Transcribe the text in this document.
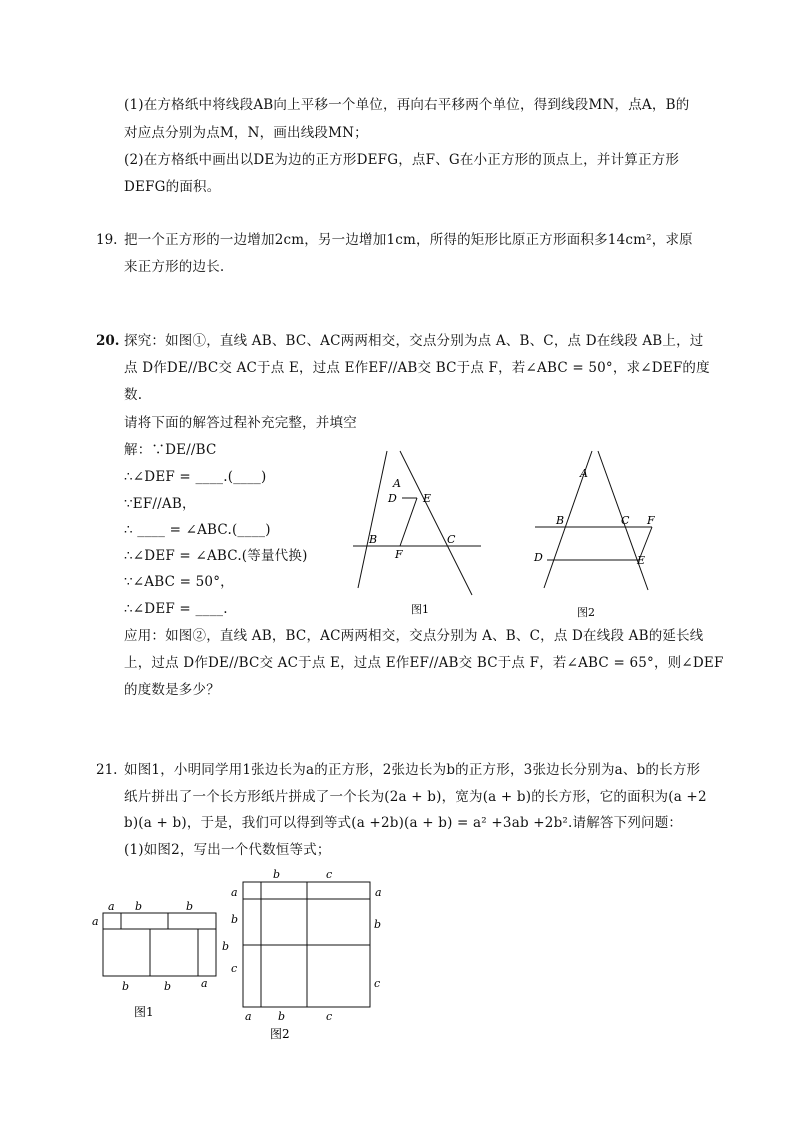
(1)在方格纸中将线段AB向上平移一个单位，再向右平移两个单位，得到线段MN，点A，B的
对应点分别为点M，N，画出线段MN；
(2)在方格纸中画出以DE为边的正方形DEFG，点F、G在小正方形的顶点上，并计算正方形
DEFG的面积。
19. 把一个正方形的一边增加2cm，另一边增加1cm，所得的矩形比原正方形面积多14cm²，求原
来正方形的边长.
20. 探究：如图①，直线 AB、BC、AC两两相交，交点分别为点 A、B、C，点 D在线段 AB上，过
点 D作DE//BC交 AC于点 E，过点 E作EF//AB交 BC于点 F，若∠ABC = 50°，求∠DEF的度
数.
请将下面的解答过程补充完整，并填空
解：∵DE//BC
∴∠DEF = ____.(____)
∵EF//AB，
∴ ____ = ∠ABC.(____)
∴∠DEF = ∠ABC.(等量代换)
∵∠ABC = 50°，
∴∠DEF = ____.
应用：如图②，直线 AB，BC，AC两两相交，交点分别为 A、B、C，点 D在线段 AB的延长线
上，过点 D作DE//BC交 AC于点 E，过点 E作EF//AB交 BC于点 F，若∠ABC = 65°，则∠DEF
的度数是多少？
A
D E
B	C
F
图1
A
B	C F
D	E
图2
21. 如图1，小明同学用1张边长为a的正方形，2张边长为b的正方形，3张边长分别为a、b的长方形
纸片拼出了一个长方形纸片拼成了一个长为(2a + b)，宽为(a + b)的长方形，它的面积为(a +2
b)(a + b)，于是，我们可以得到等式(a +2b)(a + b) = a² +3ab +2b².请解答下列问题：
(1)如图2，写出一个代数恒等式；
a b	b
a
b	b	a
图1
b	c
a
b
b
c
a
b
c
a b	c
图2
